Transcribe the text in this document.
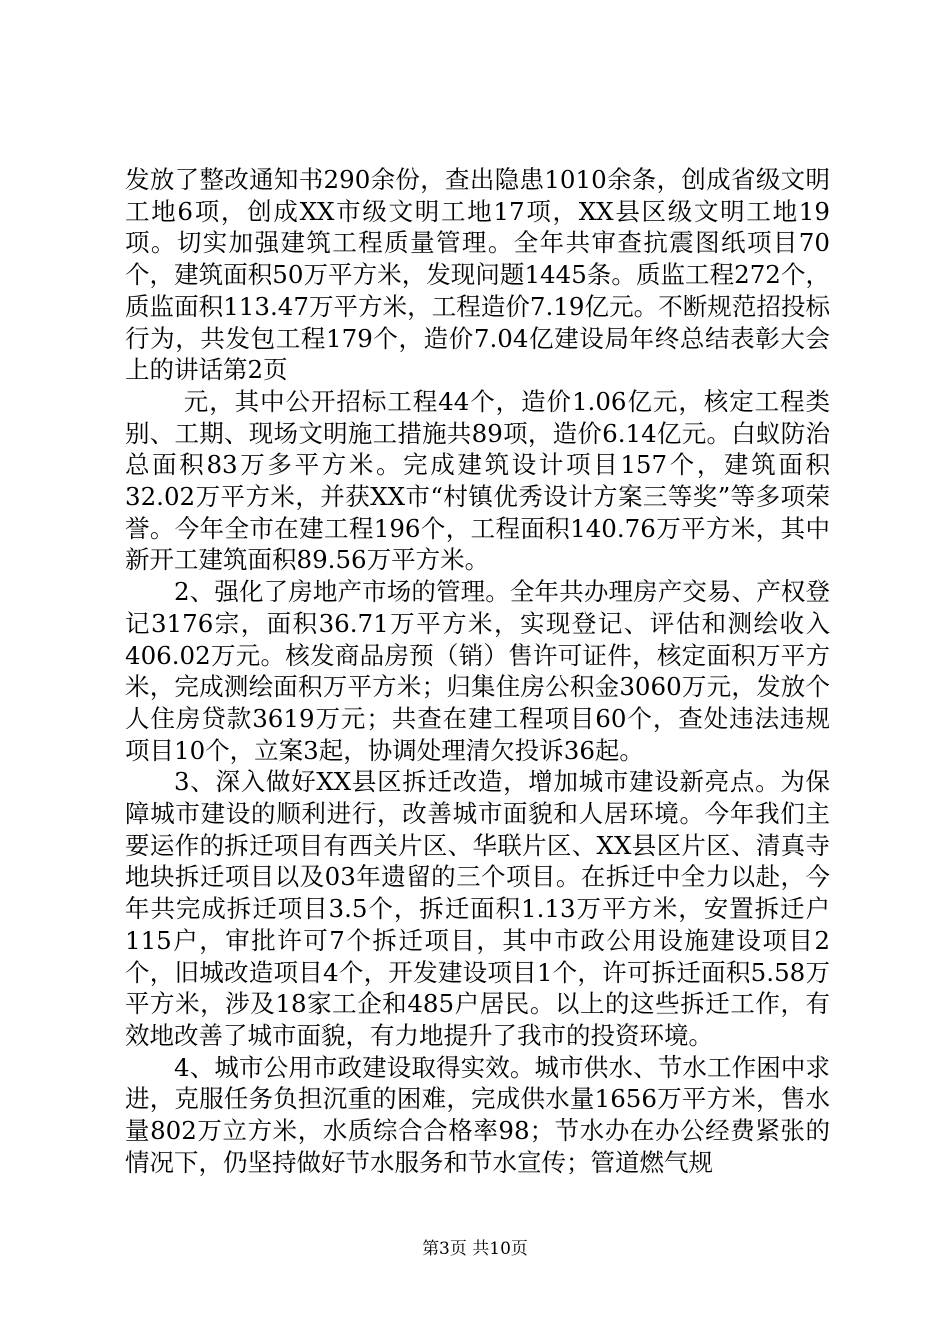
发放了整改通知书290余份，查出隐患1010余条，创成省级文明工地6项，创成XX市级文明工地17项，XX县区级文明工地19项。切实加强建筑工程质量管理。全年共审查抗震图纸项目70个，建筑面积50万平方米，发现问题1445条。质监工程272个，质监面积113.47万平方米，工程造价7.19亿元。不断规范招投标行为，共发包工程179个，造价7.04亿建设局年终总结表彰大会上的讲话第2页

元，其中公开招标工程44个，造价1.06亿元，核定工程类别、工期、现场文明施工措施共89项，造价6.14亿元。白蚁防治总面积83万多平方米。完成建筑设计项目157个，建筑面积32.02万平方米，并获XX市“村镇优秀设计方案三等奖”等多项荣誉。今年全市在建工程196个，工程面积140.76万平方米，其中新开工建筑面积89.56万平方米。

2、强化了房地产市场的管理。全年共办理房产交易、产权登记3176宗，面积36.71万平方米，实现登记、评估和测绘收入406.02万元。核发商品房预（销）售许可证件，核定面积万平方米，完成测绘面积万平方米；归集住房公积金3060万元，发放个人住房贷款3619万元；共查在建工程项目60个，查处违法违规项目10个，立案3起，协调处理清欠投诉36起。

3、深入做好XX县区拆迁改造，增加城市建设新亮点。为保障城市建设的顺利进行，改善城市面貌和人居环境。今年我们主要运作的拆迁项目有西关片区、华联片区、XX县区片区、清真寺地块拆迁项目以及03年遗留的三个项目。在拆迁中全力以赴，今年共完成拆迁项目3.5个，拆迁面积1.13万平方米，安置拆迁户115户，审批许可7个拆迁项目，其中市政公用设施建设项目2个，旧城改造项目4个，开发建设项目1个，许可拆迁面积5.58万平方米，涉及18家工企和485户居民。以上的这些拆迁工作，有效地改善了城市面貌，有力地提升了我市的投资环境。

4、城市公用市政建设取得实效。城市供水、节水工作困中求进，克服任务负担沉重的困难，完成供水量1656万平方米，售水量802万立方米，水质综合合格率98；节水办在办公经费紧张的情况下，仍坚持做好节水服务和节水宣传；管道燃气规

第3页 共10页
